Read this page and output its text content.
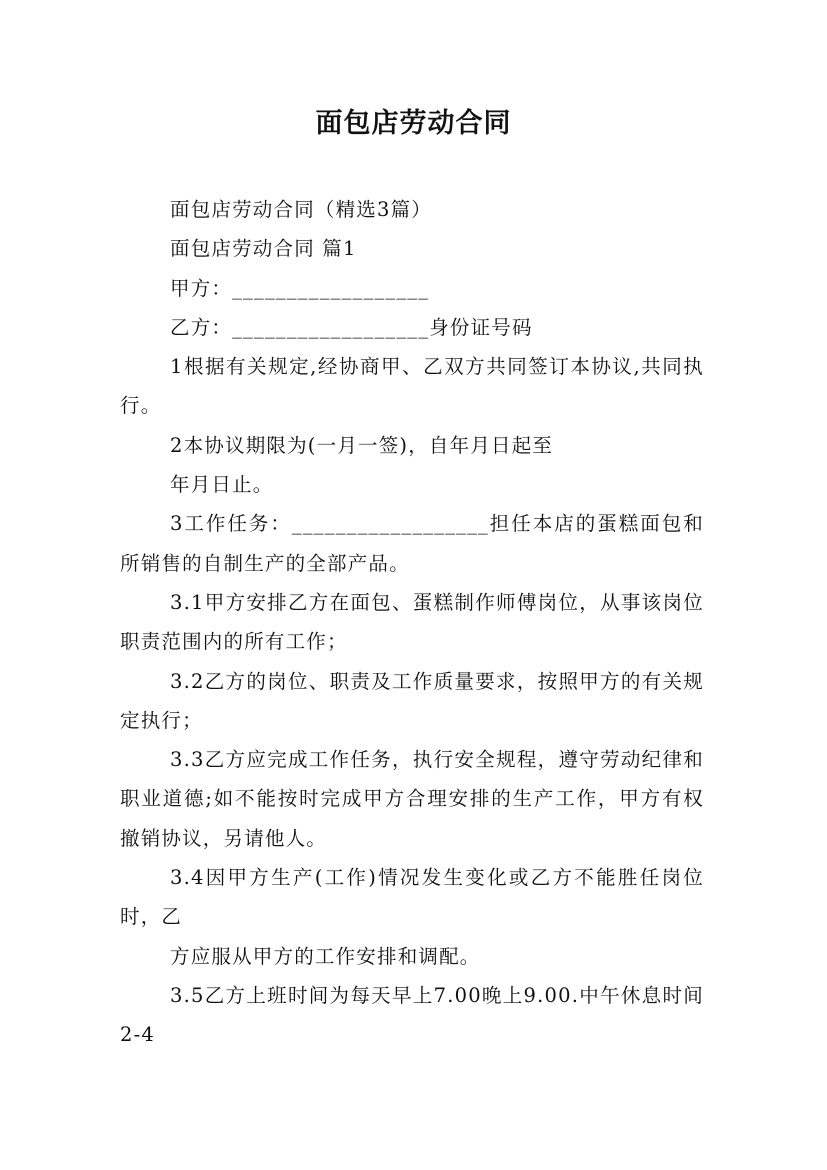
面包店劳动合同

面包店劳动合同（精选3篇）

面包店劳动合同 篇1

甲方：__________________

乙方：__________________身份证号码

1根据有关规定,经协商甲、乙双方共同签订本协议,共同执行。

2本协议期限为(一月一签)，自年月日起至

年月日止。

3工作任务：__________________担任本店的蛋糕面包和所销售的自制生产的全部产品。

3.1甲方安排乙方在面包、蛋糕制作师傅岗位，从事该岗位职责范围内的所有工作；

3.2乙方的岗位、职责及工作质量要求，按照甲方的有关规定执行；

3.3乙方应完成工作任务，执行安全规程，遵守劳动纪律和职业道德;如不能按时完成甲方合理安排的生产工作，甲方有权撤销协议，另请他人。

3.4因甲方生产(工作)情况发生变化或乙方不能胜任岗位时，乙

方应服从甲方的工作安排和调配。

3.5乙方上班时间为每天早上7.00晚上9.00.中午休息时间2-4
